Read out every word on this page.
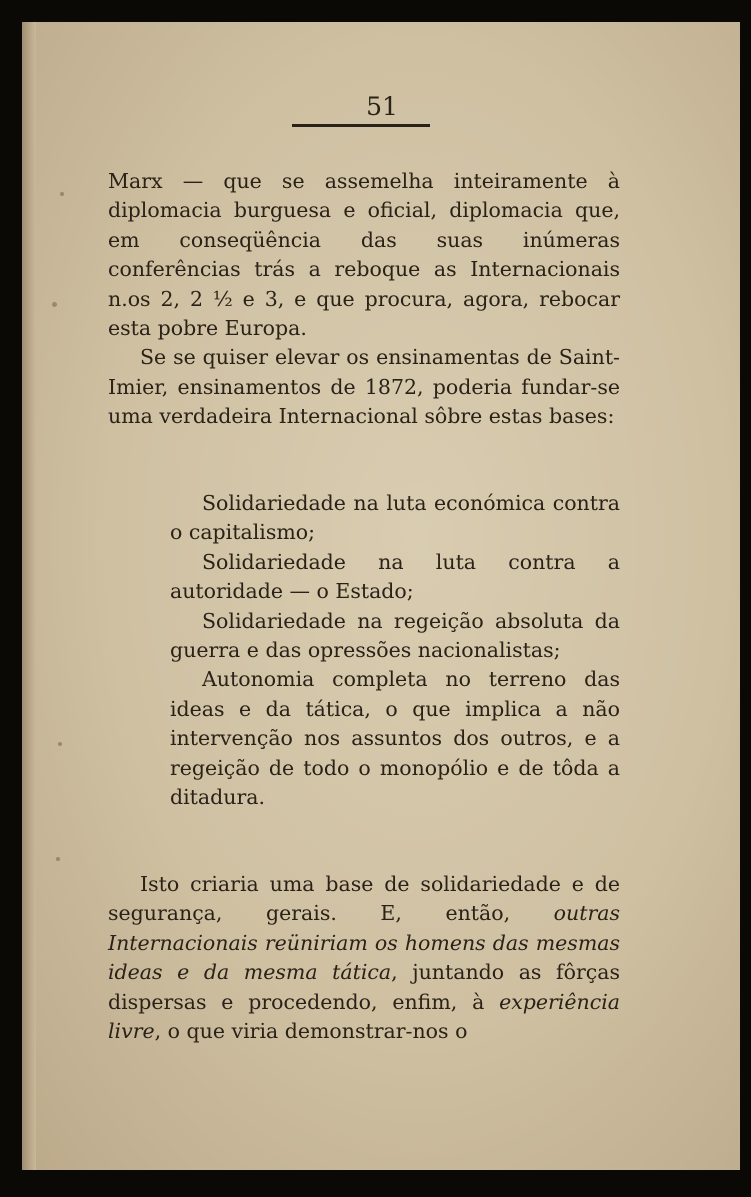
51

Marx — que se assemelha inteiramente à diplomacia burguesa e oficial, diplomacia que, em conseqüência das suas inúmeras conferências trás a reboque as Internacionais n.os 2, 2 ½ e 3, e que procura, agora, rebocar esta pobre Europa.

Se se quiser elevar os ensinamentas de Saint-Imier, ensinamentos de 1872, poderia fundar-se uma verdadeira Internacional sôbre estas bases:

Solidariedade na luta económica contra o capitalismo;

Solidariedade na luta contra a autoridade — o Estado;

Solidariedade na regeição absoluta da guerra e das opressões nacionalistas;

Autonomia completa no terreno das ideas e da tática, o que implica a não intervenção nos assuntos dos outros, e a regeição de todo o monopólio e de tôda a ditadura.

Isto criaria uma base de solidariedade e de segurança, gerais. E, então, outras Internacionais reüniriam os homens das mesmas ideas e da mesma tática, juntando as fôrças dispersas e procedendo, enfim, à experiência livre, o que viria demonstrar-nos o
